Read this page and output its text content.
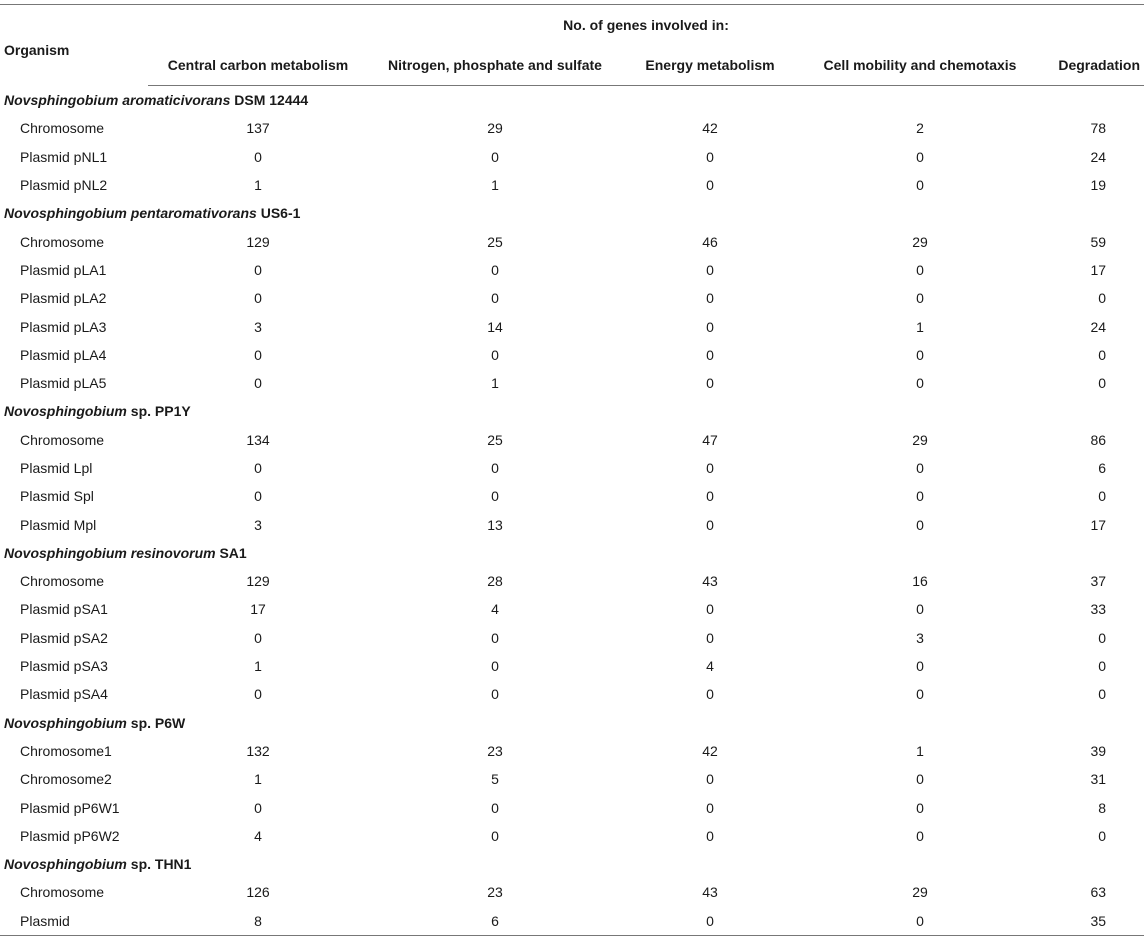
Organism	No. of genes involved in:				
	Central carbon metabolism	Nitrogen, phosphate and sulfate	Energy metabolism	Cell mobility and chemotaxis	Degradation
Novsphingobium aromaticivorans DSM 12444					
Chromosome	137	29	42	2	78
Plasmid pNL1	0	0	0	0	24
Plasmid pNL2	1	1	0	0	19
Novosphingobium pentaromativorans US6-1					
Chromosome	129	25	46	29	59
Plasmid pLA1	0	0	0	0	17
Plasmid pLA2	0	0	0	0	0
Plasmid pLA3	3	14	0	1	24
Plasmid pLA4	0	0	0	0	0
Plasmid pLA5	0	1	0	0	0
Novosphingobium sp. PP1Y					
Chromosome	134	25	47	29	86
Plasmid Lpl	0	0	0	0	6
Plasmid Spl	0	0	0	0	0
Plasmid Mpl	3	13	0	0	17
Novosphingobium resinovorum SA1					
Chromosome	129	28	43	16	37
Plasmid pSA1	17	4	0	0	33
Plasmid pSA2	0	0	0	3	0
Plasmid pSA3	1	0	4	0	0
Plasmid pSA4	0	0	0	0	0
Novosphingobium sp. P6W					
Chromosome1	132	23	42	1	39
Chromosome2	1	5	0	0	31
Plasmid pP6W1	0	0	0	0	8
Plasmid pP6W2	4	0	0	0	0
Novosphingobium sp. THN1					
Chromosome	126	23	43	29	63
Plasmid	8	6	0	0	35
